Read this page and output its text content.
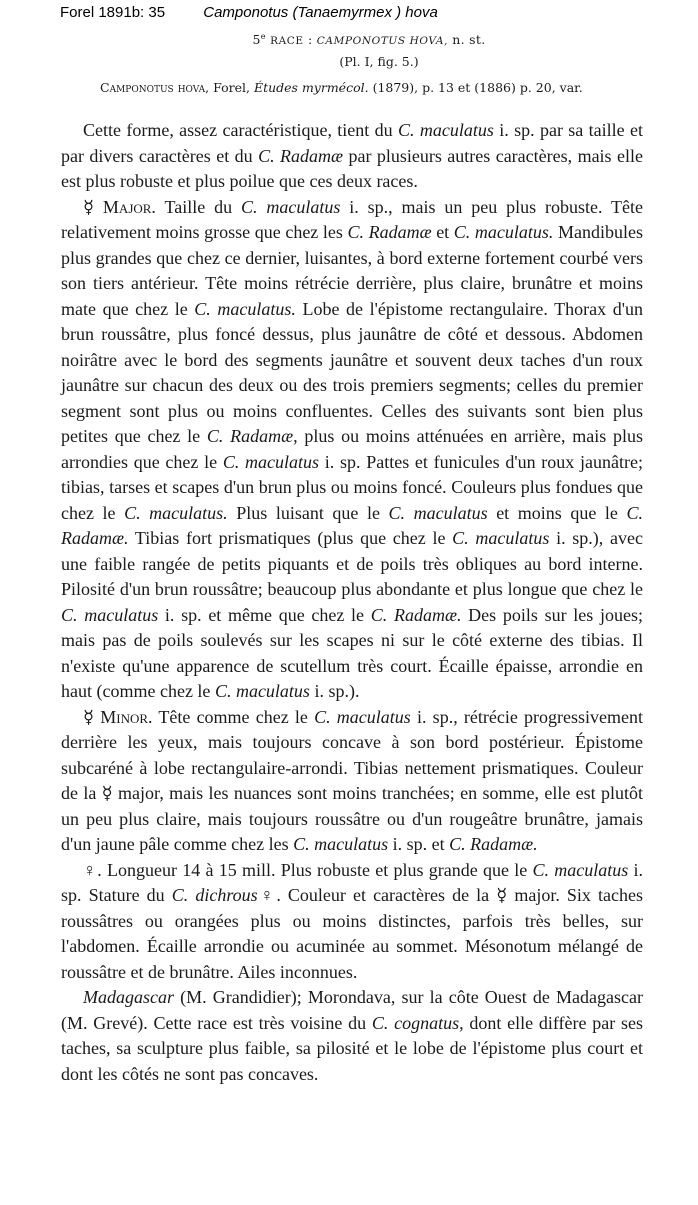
Forel 1891b: 35	Camponotus (Tanaemyrmex ) hova
5e RACE : CAMPONOTUS HOVA, n. st.
(Pl. I, fig. 5.)
Camponotus hova, Forel, Études myrmécol. (1879), p. 13 et (1886) p. 20, var.

Cette forme, assez caractéristique, tient du C. maculatus i. sp. par sa taille et par divers caractères et du C. Radamæ par plusieurs autres caractères, mais elle est plus robuste et plus poilue que ces deux races.

☿ Major. Taille du C. maculatus i. sp., mais un peu plus robuste. Tête relativement moins grosse que chez les C. Radamæ et C. maculatus. Mandibules plus grandes que chez ce dernier, luisantes, à bord externe fortement courbé vers son tiers antérieur. Tête moins rétrécie derrière, plus claire, brunâtre et moins mate que chez le C. maculatus. Lobe de l'épistome rectangulaire. Thorax d'un brun roussâtre, plus foncé dessus, plus jaunâtre de côté et dessous. Abdomen noirâtre avec le bord des segments jaunâtre et souvent deux taches d'un roux jaunâtre sur chacun des deux ou des trois premiers segments; celles du premier segment sont plus ou moins confluentes. Celles des suivants sont bien plus petites que chez le C. Radamæ, plus ou moins atténuées en arrière, mais plus arrondies que chez le C. maculatus i. sp. Pattes et funicules d'un roux jaunâtre; tibias, tarses et scapes d'un brun plus ou moins foncé. Couleurs plus fondues que chez le C. maculatus. Plus luisant que le C. maculatus et moins que le C. Radamæ. Tibias fort prismatiques (plus que chez le C. maculatus i. sp.), avec une faible rangée de petits piquants et de poils très obliques au bord interne. Pilosité d'un brun roussâtre; beaucoup plus abondante et plus longue que chez le C. maculatus i. sp. et même que chez le C. Radamæ. Des poils sur les joues; mais pas de poils soulevés sur les scapes ni sur le côté externe des tibias. Il n'existe qu'une apparence de scutellum très court. Écaille épaisse, arrondie en haut (comme chez le C. maculatus i. sp.).

☿ Minor. Tête comme chez le C. maculatus i. sp., rétrécie progressivement derrière les yeux, mais toujours concave à son bord postérieur. Épistome subcaréné à lobe rectangulaire-arrondi. Tibias nettement prismatiques. Couleur de la ☿ major, mais les nuances sont moins tranchées; en somme, elle est plutôt un peu plus claire, mais toujours roussâtre ou d'un rougeâtre brunâtre, jamais d'un jaune pâle comme chez les C. maculatus i. sp. et C. Radamæ.

♀. Longueur 14 à 15 mill. Plus robuste et plus grande que le C. maculatus i. sp. Stature du C. dichrous♀. Couleur et caractères de la ☿ major. Six taches roussâtres ou orangées plus ou moins distinctes, parfois très belles, sur l'abdomen. Écaille arrondie ou acuminée au sommet. Mésonotum mélangé de roussâtre et de brunâtre. Ailes inconnues.

Madagascar (M. Grandidier); Morondava, sur la côte Ouest de Madagascar (M. Grevé). Cette race est très voisine du C. cognatus, dont elle diffère par ses taches, sa sculpture plus faible, sa pilosité et le lobe de l'épistome plus court et dont les côtés ne sont pas concaves.
